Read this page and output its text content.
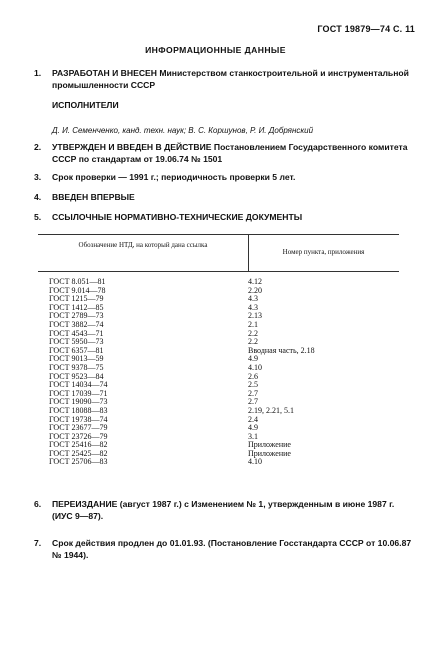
ГОСТ 19879—74 С. 11
ИНФОРМАЦИОННЫЕ ДАННЫЕ
1.	РАЗРАБОТАН И ВНЕСЕН Министерством станкостроительной и инструментальной промышленности СССР
ИСПОЛНИТЕЛИ
Д. И. Семенченко, канд. техн. наук; В. С. Коршунов, Р. И. Добрянский
2.	УТВЕРЖДЕН И ВВЕДЕН В ДЕЙСТВИЕ Постановлением Государственного комитета СССР по стандартам от 19.06.74 № 1501
3.	Срок проверки — 1991 г.; периодичность проверки 5 лет.
4.	ВВЕДЕН ВПЕРВЫЕ
5.	ССЫЛОЧНЫЕ НОРМАТИВНО-ТЕХНИЧЕСКИЕ ДОКУМЕНТЫ
Обозначение НТД, на который дана ссылка
Номер пункта, приложения
ГОСТ 8.051—81	4.12
ГОСТ 9.014—78	2.20
ГОСТ 1215—79	4.3
ГОСТ 1412—85	4.3
ГОСТ 2789—73	2.13
ГОСТ 3882—74	2.1
ГОСТ 4543—71	2.2
ГОСТ 5950—73	2.2
ГОСТ 6357—81	Вводная часть, 2.18
ГОСТ 9013—59	4.9
ГОСТ 9378—75	4.10
ГОСТ 9523—84	2.6
ГОСТ 14034—74	2.5
ГОСТ 17039—71	2.7
ГОСТ 19090—73	2.7
ГОСТ 18088—83	2.19, 2.21, 5.1
ГОСТ 19738—74	2.4
ГОСТ 23677—79	4.9
ГОСТ 23726—79	3.1
ГОСТ 25416—82	Приложение
ГОСТ 25425—82	Приложение
ГОСТ 25706—83	4.10
6.	ПЕРЕИЗДАНИЕ (август 1987 г.) с Изменением № 1, утвержденным в июне 1987 г. (ИУС 9—87).
7.	Срок действия продлен до 01.01.93. (Постановление Госстандарта СССР от 10.06.87 № 1944).
